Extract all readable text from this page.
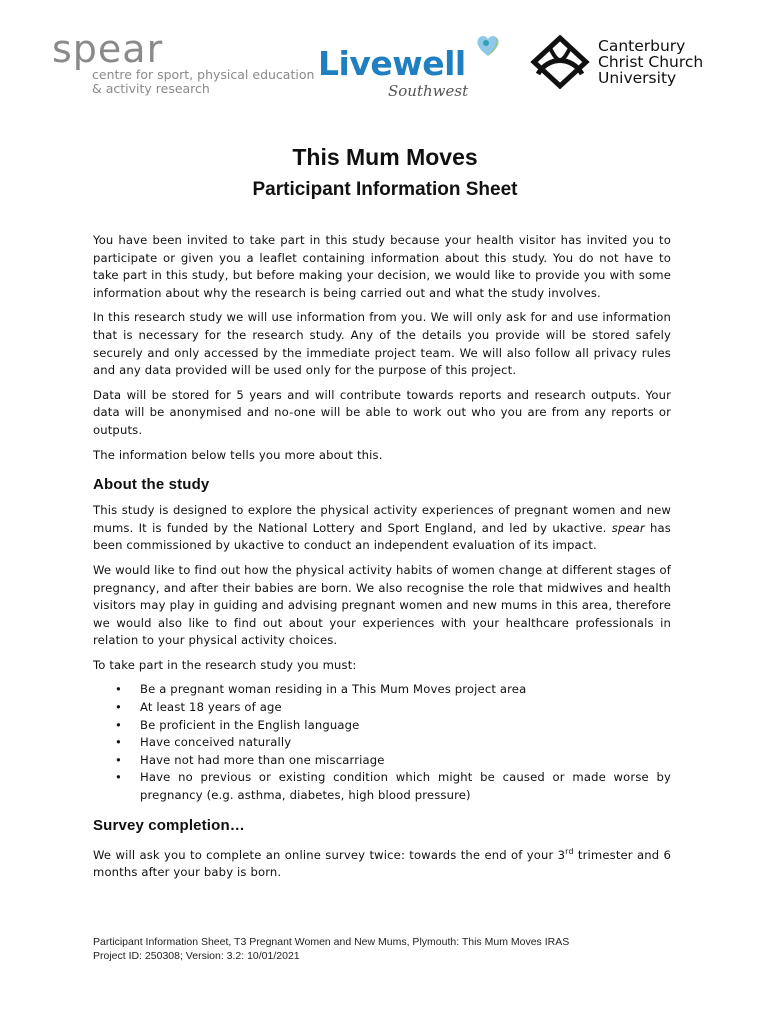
spear
centre for sport, physical education
& activity research
Livewell
Southwest
Canterbury
Christ Church
University
This Mum Moves
Participant Information Sheet

You have been invited to take part in this study because your health visitor has invited you to participate or given you a leaflet containing information about this study. You do not have to take part in this study, but before making your decision, we would like to provide you with some information about why the research is being carried out and what the study involves.

In this research study we will use information from you. We will only ask for and use information that is necessary for the research study. Any of the details you provide will be stored safely securely and only accessed by the immediate project team. We will also follow all privacy rules and any data provided will be used only for the purpose of this project.

Data will be stored for 5 years and will contribute towards reports and research outputs. Your data will be anonymised and no-one will be able to work out who you are from any reports or outputs.

The information below tells you more about this.

About the study

This study is designed to explore the physical activity experiences of pregnant women and new mums. It is funded by the National Lottery and Sport England, and led by ukactive. spear has been commissioned by ukactive to conduct an independent evaluation of its impact.

We would like to find out how the physical activity habits of women change at different stages of pregnancy, and after their babies are born. We also recognise the role that midwives and health visitors may play in guiding and advising pregnant women and new mums in this area, therefore we would also like to find out about your experiences with your healthcare professionals in relation to your physical activity choices.

To take part in the research study you must:

• Be a pregnant woman residing in a This Mum Moves project area
• At least 18 years of age
• Be proficient in the English language
• Have conceived naturally
• Have not had more than one miscarriage
• Have no previous or existing condition which might be caused or made worse by pregnancy (e.g. asthma, diabetes, high blood pressure)
Survey completion…

We will ask you to complete an online survey twice: towards the end of your 3rd trimester and 6 months after your baby is born.

Participant Information Sheet, T3 Pregnant Women and New Mums, Plymouth: This Mum Moves IRAS
Project ID: 250308; Version: 3.2: 10/01/2021
